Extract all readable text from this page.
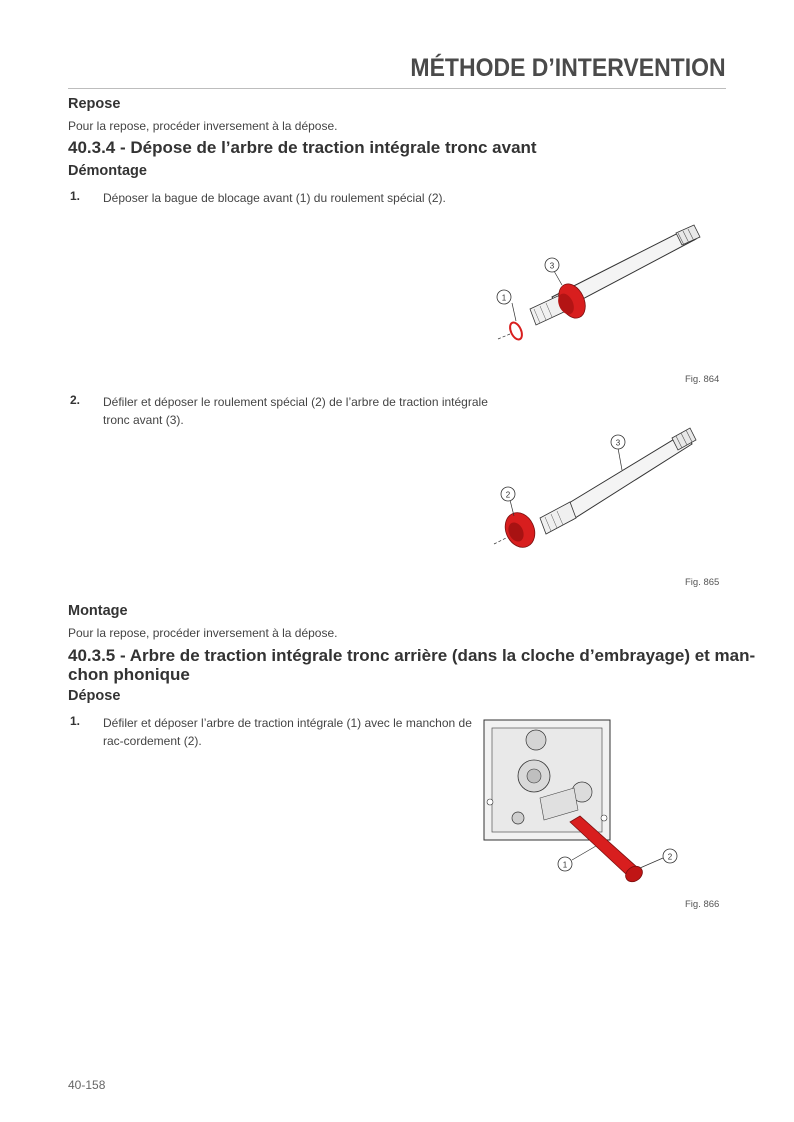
MÉTHODE D’INTERVENTION
Repose
Pour la repose, procéder inversement à la dépose.
40.3.4 - Dépose de l’arbre de traction intégrale tronc avant
Démontage
1. Déposer la bague de blocage avant (1) du roulement spécial (2).
1
3
Fig. 864
2. Défiler et déposer le roulement spécial (2) de l’arbre de traction intégrale tronc avant (3).
2
3
Fig. 865
Montage
Pour la repose, procéder inversement à la dépose.
40.3.5 - Arbre de traction intégrale tronc arrière (dans la cloche d’embrayage) et man-
chon phonique
Dépose
1. Défiler et déposer l’arbre de traction intégrale (1) avec le manchon de rac-cordement (2).
1
2
Fig. 866
40-158
